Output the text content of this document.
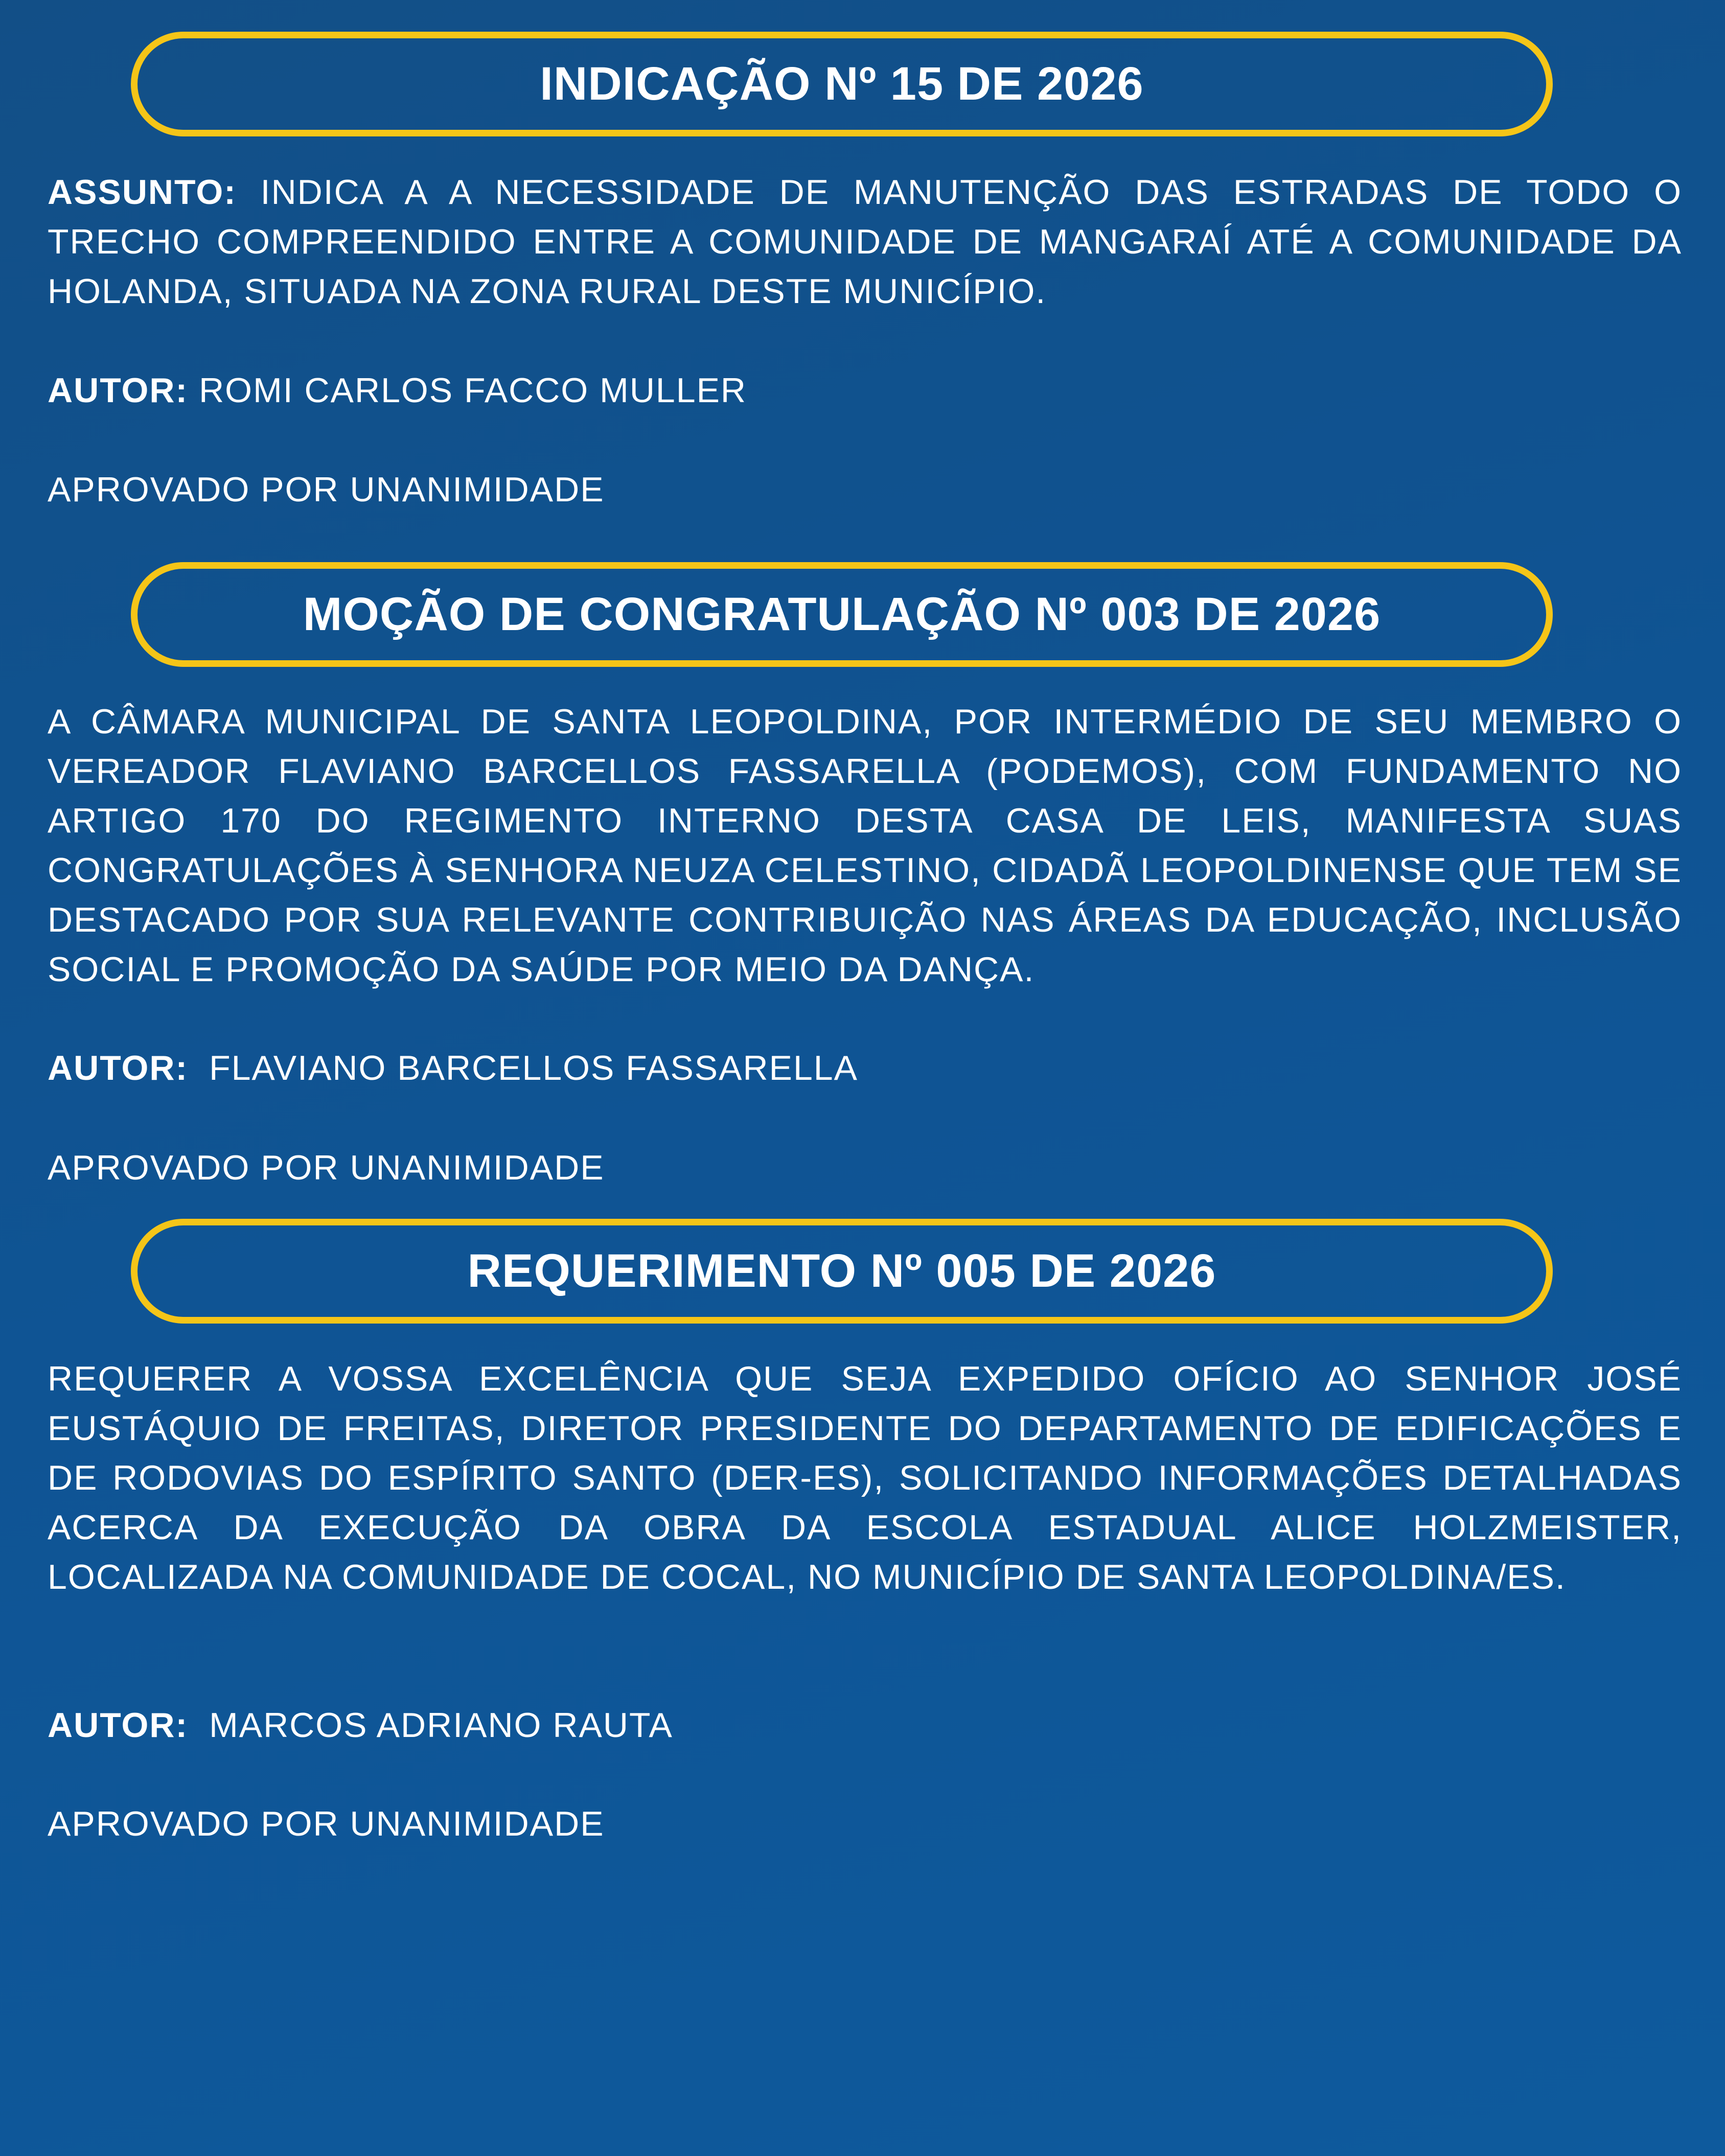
INDICAÇÃO Nº 15 DE 2026
ASSUNTO: INDICA A A NECESSIDADE DE MANUTENÇÃO DAS ESTRADAS DE TODO O TRECHO COMPREENDIDO ENTRE A COMUNIDADE DE MANGARAÍ ATÉ A COMUNIDADE DA HOLANDA, SITUADA NA ZONA RURAL DESTE MUNICÍPIO.
AUTOR: ROMI CARLOS FACCO MULLER
APROVADO POR UNANIMIDADE
MOÇÃO DE CONGRATULAÇÃO Nº 003 DE 2026
A CÂMARA MUNICIPAL DE SANTA LEOPOLDINA, POR INTERMÉDIO DE SEU MEMBRO O VEREADOR FLAVIANO BARCELLOS FASSARELLA (PODEMOS), COM FUNDAMENTO NO ARTIGO 170 DO REGIMENTO INTERNO DESTA CASA DE LEIS, MANIFESTA SUAS CONGRATULAÇÕES À SENHORA NEUZA CELESTINO, CIDADÃ LEOPOLDINENSE QUE TEM SE DESTACADO POR SUA RELEVANTE CONTRIBUIÇÃO NAS ÁREAS DA EDUCAÇÃO, INCLUSÃO SOCIAL E PROMOÇÃO DA SAÚDE POR MEIO DA DANÇA.
AUTOR: FLAVIANO BARCELLOS FASSARELLA
APROVADO POR UNANIMIDADE
REQUERIMENTO Nº 005 DE 2026
REQUERER A VOSSA EXCELÊNCIA QUE SEJA EXPEDIDO OFÍCIO AO SENHOR JOSÉ EUSTÁQUIO DE FREITAS, DIRETOR PRESIDENTE DO DEPARTAMENTO DE EDIFICAÇÕES E DE RODOVIAS DO ESPÍRITO SANTO (DER-ES), SOLICITANDO INFORMAÇÕES DETALHADAS ACERCA DA EXECUÇÃO DA OBRA DA ESCOLA ESTADUAL ALICE HOLZMEISTER, LOCALIZADA NA COMUNIDADE DE COCAL, NO MUNICÍPIO DE SANTA LEOPOLDINA/ES.
AUTOR: MARCOS ADRIANO RAUTA
APROVADO POR UNANIMIDADE
